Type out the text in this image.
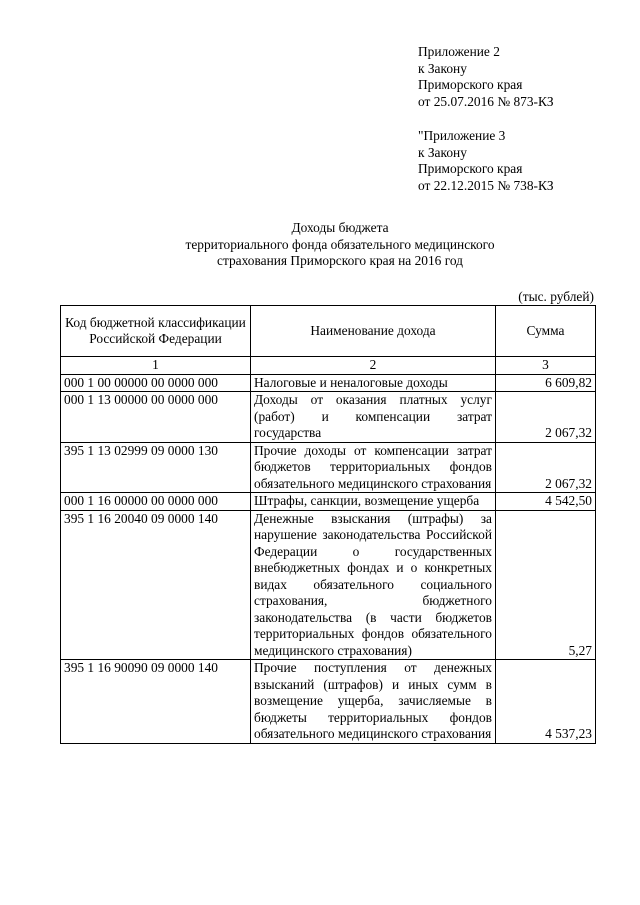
Приложение 2
к Закону
Приморского края
от 25.07.2016 № 873-КЗ
"Приложение 3
к Закону
Приморского края
от 22.12.2015 № 738-КЗ
Доходы бюджета
территориального фонда обязательного медицинского
страхования Приморского края на 2016 год
(тыс. рублей)
Код бюджетной классификации Российской Федерации	Наименование дохода	Сумма
1	2	3
000 1 00 00000 00 0000 000	Налоговые и неналоговые доходы	6 609,82
000 1 13 00000 00 0000 000	Доходы от оказания платных услуг (работ) и компенсации затрат государства	2 067,32
395 1 13 02999 09 0000 130	Прочие доходы от компенсации затрат бюджетов территориальных фондов обязательного медицинского страхования	2 067,32
000 1 16 00000 00 0000 000	Штрафы, санкции, возмещение ущерба	4 542,50
395 1 16 20040 09 0000 140	Денежные взыскания (штрафы) за нарушение законодательства Российской Федерации о государственных внебюджетных фондах и о конкретных видах обязательного социального страхования, бюджетного законодательства (в части бюджетов территориальных фондов обязательного медицинского страхования)	5,27
395 1 16 90090 09 0000 140	Прочие поступления от денежных взысканий (штрафов) и иных сумм в возмещение ущерба, зачисляемые в бюджеты территориальных фондов обязательного медицинского страхования	4 537,23
